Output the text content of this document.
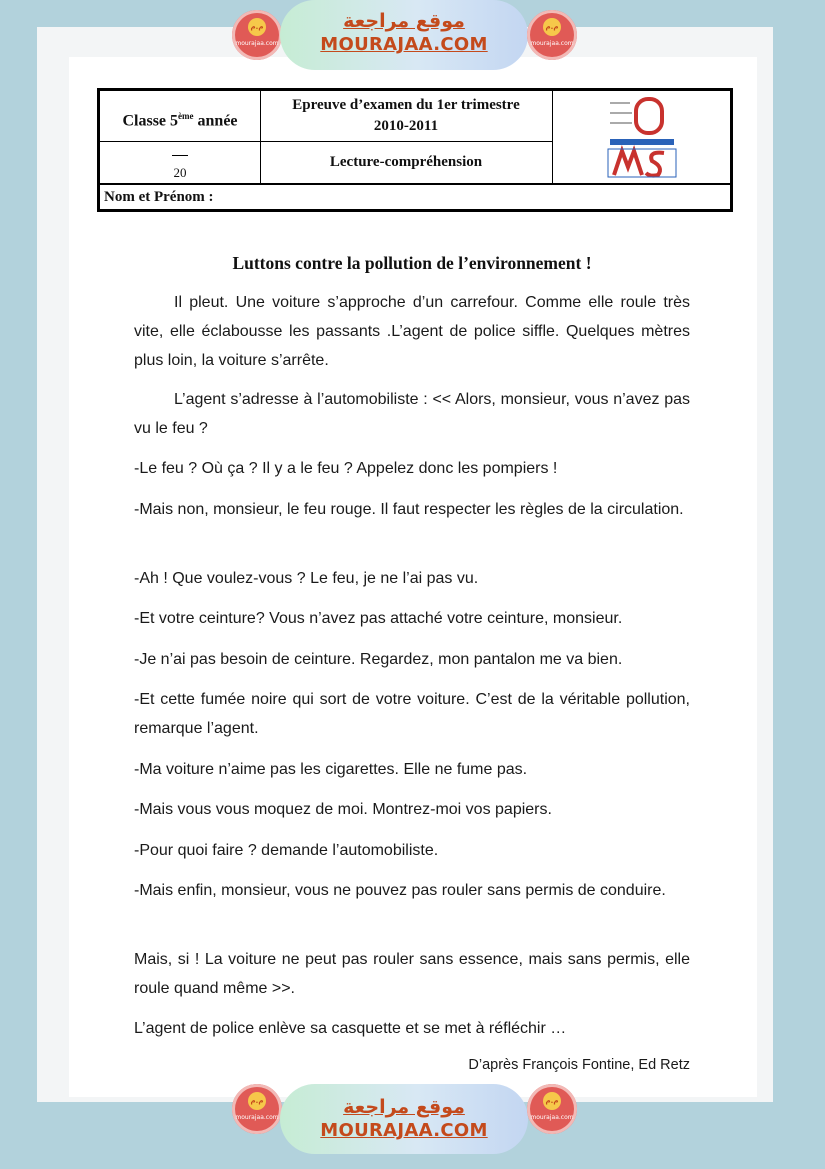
م.م
mourajaa.com
موقع مراجعة
MOURAJAA.COM
م.م
mourajaa.com
Classe 5ème année
Epreuve d’examen du 1er trimestre
2010-2011
20
Lecture-compréhension
Nom et Prénom :
Luttons contre la pollution de l’environnement !

Il pleut. Une voiture s’approche d’un carrefour. Comme elle roule très vite, elle éclabousse les passants .L’agent de police siffle. Quelques mètres plus loin, la voiture s’arrête.

L’agent s’adresse à l’automobiliste : << Alors, monsieur, vous n’avez pas vu le feu ?

-Le feu ? Où ça ? Il y a le feu ? Appelez donc les pompiers !

-Mais non, monsieur, le feu rouge. Il faut respecter les règles de la circulation.

-Ah ! Que voulez-vous ? Le feu, je ne l’ai pas vu.

-Et votre ceinture? Vous n’avez pas attaché votre ceinture, monsieur.

-Je n’ai pas besoin de ceinture. Regardez, mon pantalon me va bien.

-Et cette fumée noire qui sort de votre voiture. C’est de la véritable pollution, remarque l’agent.

-Ma voiture n’aime pas les cigarettes. Elle ne fume pas.

-Mais vous vous moquez de moi. Montrez-moi vos papiers.

-Pour quoi faire ? demande l’automobiliste.

-Mais enfin, monsieur, vous ne pouvez pas rouler sans permis de conduire.

Mais, si ! La voiture ne peut pas rouler sans essence, mais sans permis, elle roule quand même >>.

L’agent de police enlève sa casquette et se met à réfléchir …

D’après François Fontine, Ed Retz
م.م
mourajaa.com	موقع مراجعة
MOURAJAA.COM
م.م
mourajaa.com
